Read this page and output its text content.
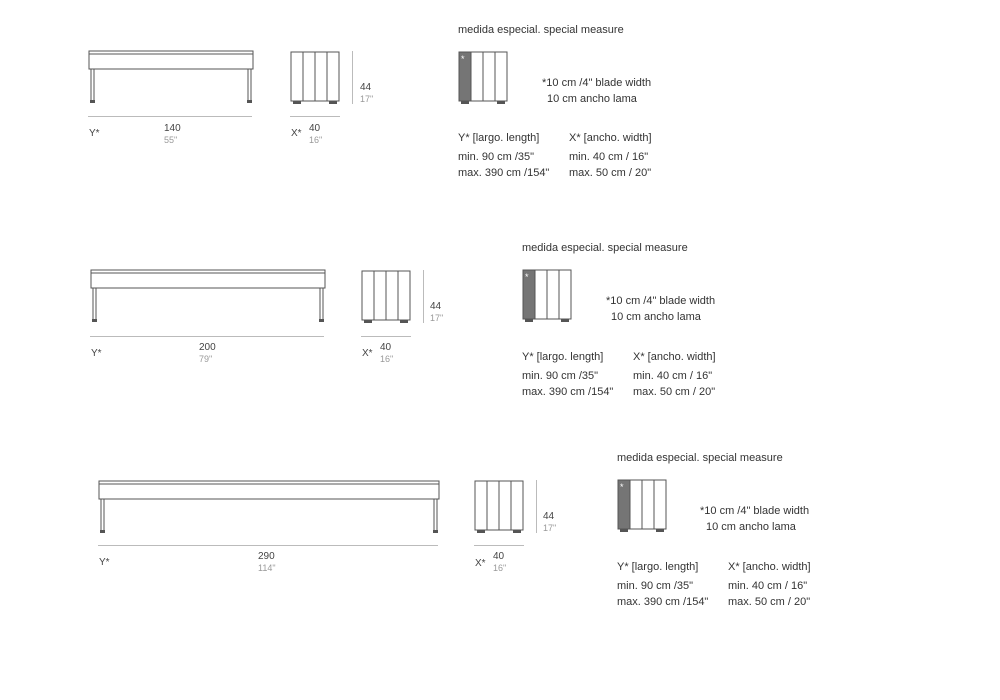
Y*	140
55"
44
17"
X* 40
16"
medida especial. special measure
*
*10 cm /4" blade width
10 cm ancho lama
Y* [largo. length]
min. 90 cm /35"
max. 390 cm /154"
X* [ancho. width]
min. 40 cm / 16"
max. 50 cm / 20"
Y*
200
79"
44
17"
X*
40
16"
medida especial. special measure
*
*10 cm /4" blade width
10 cm ancho lama
Y* [largo. length]
min. 90 cm /35"
max. 390 cm /154"
X* [ancho. width]
min. 40 cm / 16"
max. 50 cm / 20"
Y*
290
114"
44
17"
X*
40
16"
medida especial. special measure
*
*10 cm /4" blade width
10 cm ancho lama
Y* [largo. length]
min. 90 cm /35"
max. 390 cm /154"
X* [ancho. width]
min. 40 cm / 16"
max. 50 cm / 20"
